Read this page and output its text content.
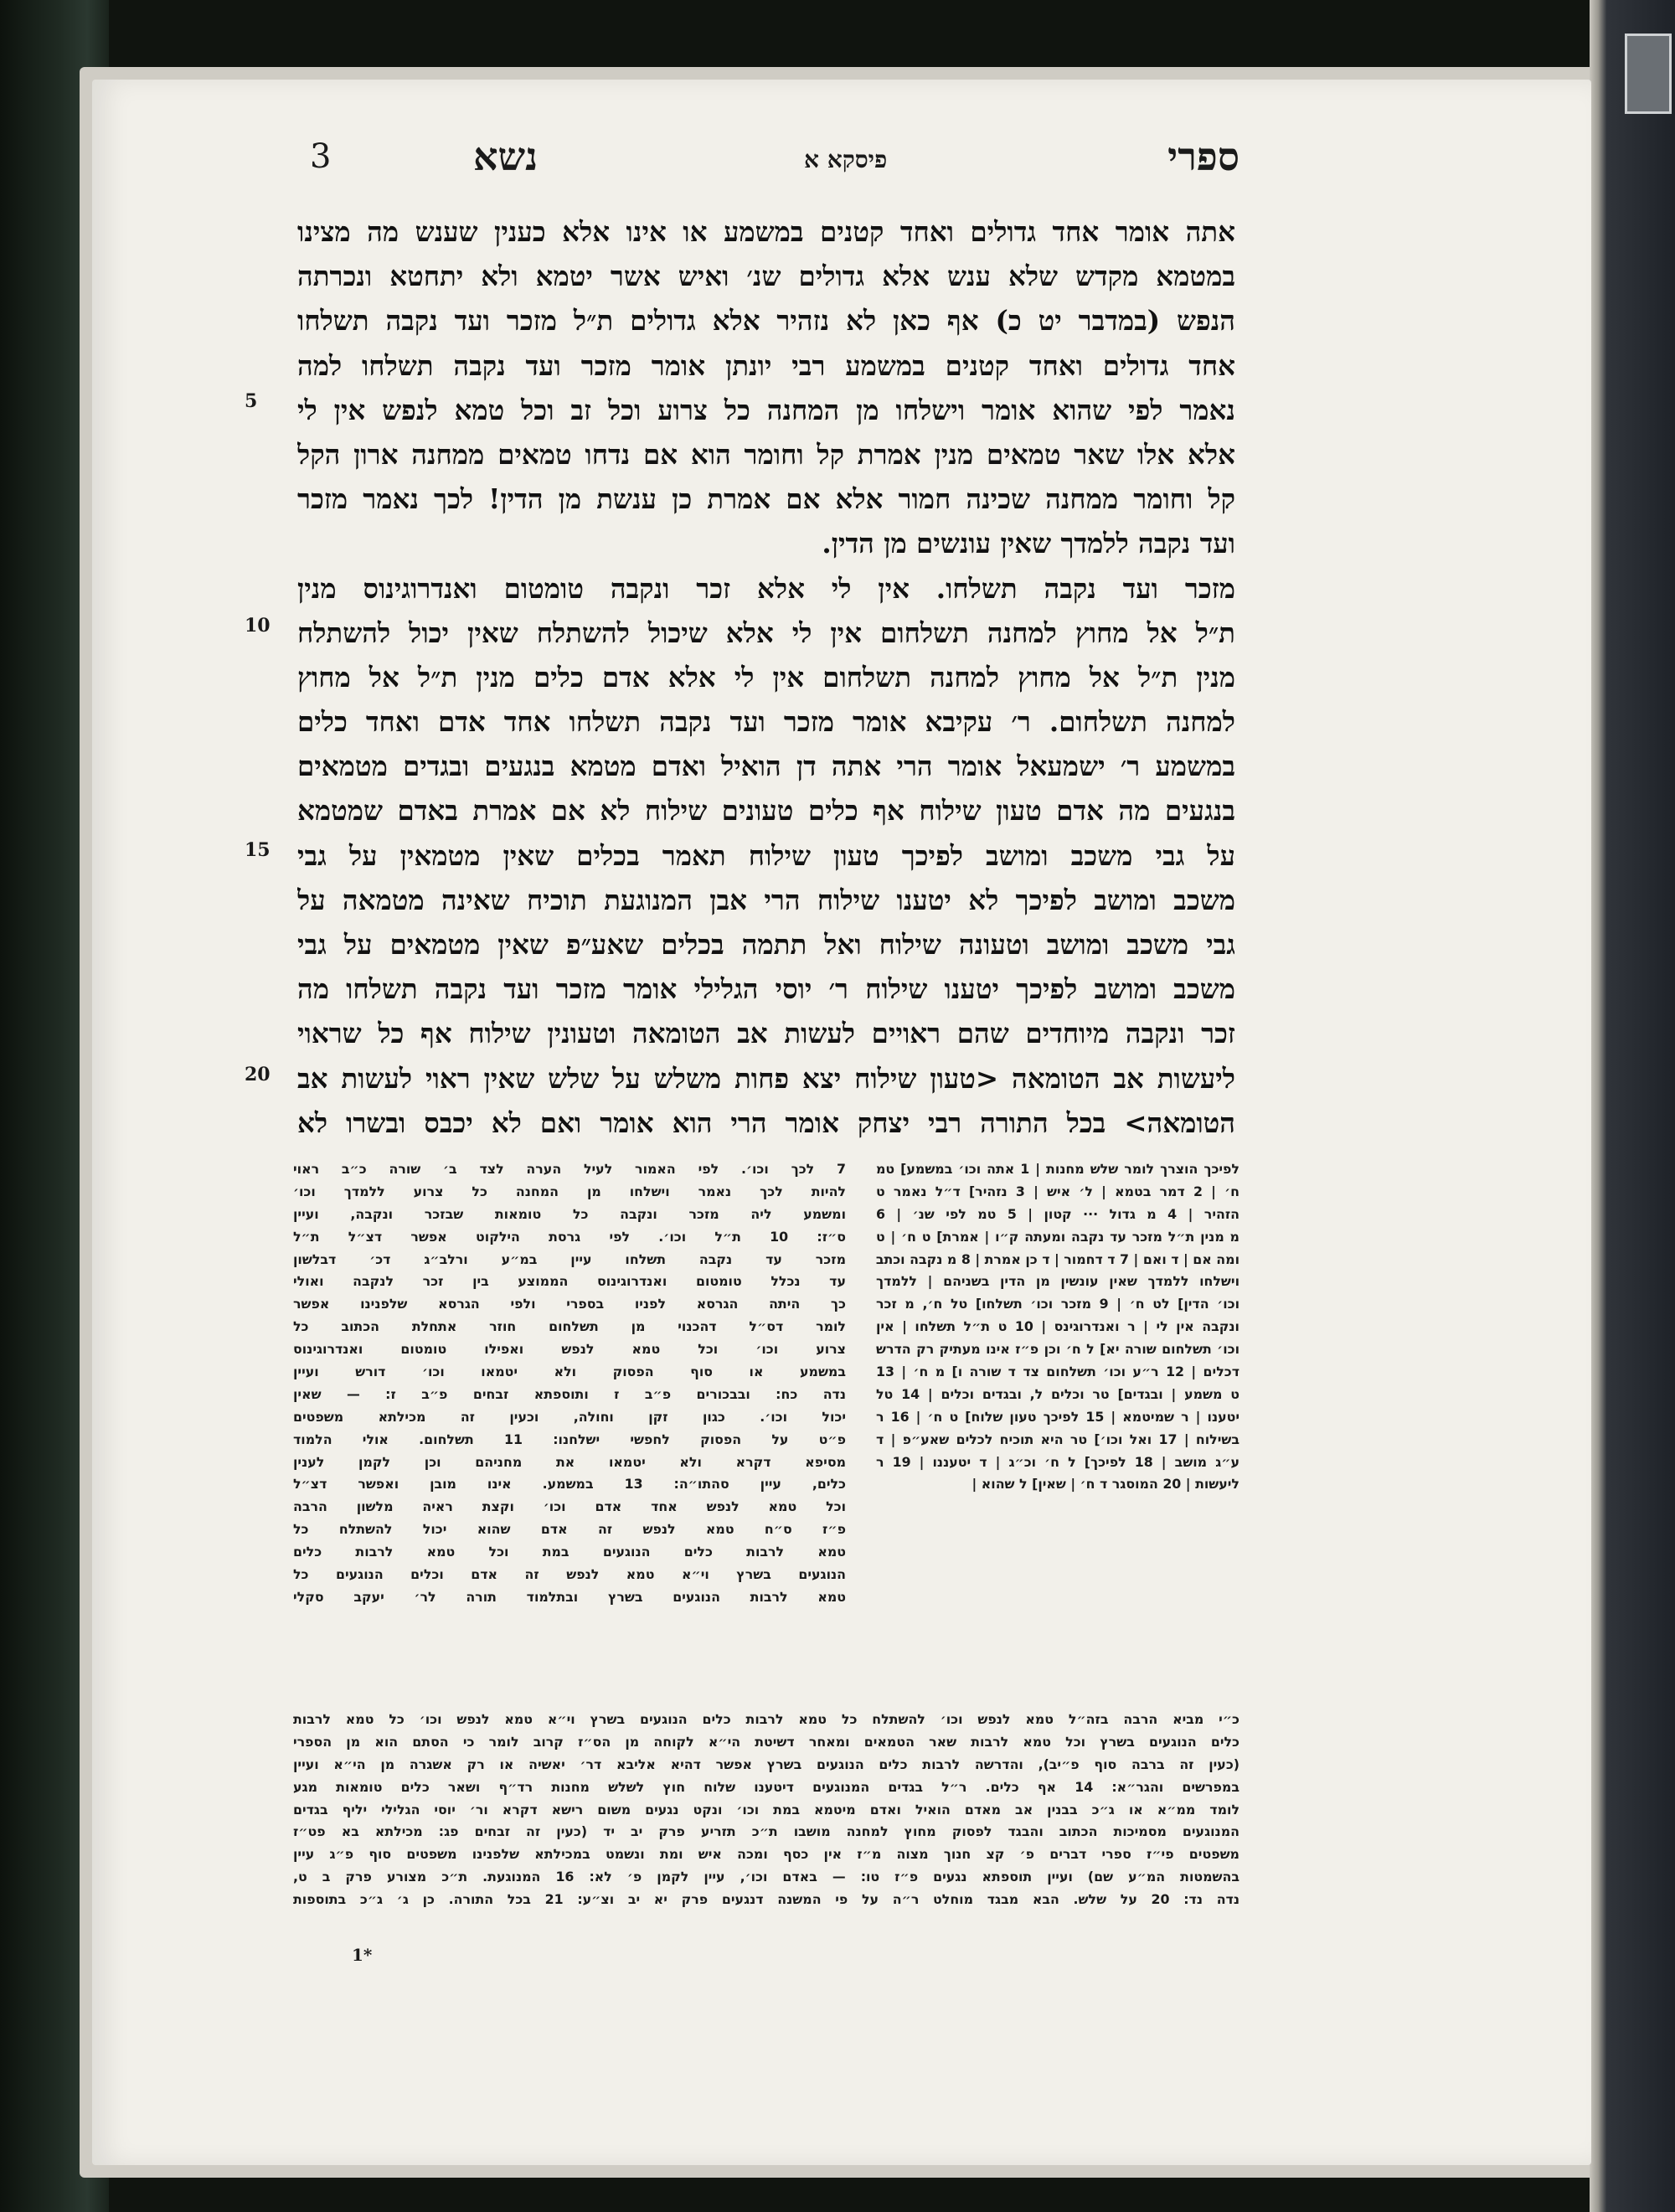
3	נשא	פיסקא א	ספרי
5
10
15
20
אתה אומר אחד גדולים ואחד קטנים במשמע או אינו אלא כענין שענש מה מצינו
במטמא מקדש שלא ענש אלא גדולים שנ׳ ואיש אשר יטמא ולא יתחטא ונכרתה
הנפש (במדבר יט כ) אף כאן לא נזהיר אלא גדולים ת״ל מזכר ועד נקבה תשלחו
אחד גדולים ואחד קטנים במשמע רבי יונתן אומר מזכר ועד נקבה תשלחו למה
נאמר לפי שהוא אומר וישלחו מן המחנה כל צרוע וכל זב וכל טמא לנפש אין לי
אלא אלו שאר טמאים מנין אמרת קל וחומר הוא אם נדחו טמאים ממחנה ארון הקל
קל וחומר ממחנה שכינה חמור אלא אם אמרת כן ענשת מן הדין! לכך נאמר מזכר
ועד נקבה ללמדך שאין עונשים מן הדין.
מזכר ועד נקבה תשלחו. אין לי אלא זכר ונקבה טומטום ואנדרוגינוס מנין
ת״ל אל מחוץ למחנה תשלחום אין לי אלא שיכול להשתלח שאין יכול להשתלח
מנין ת״ל אל מחוץ למחנה תשלחום אין לי אלא אדם כלים מנין ת״ל אל מחוץ
למחנה תשלחום. ר׳ עקיבא אומר מזכר ועד נקבה תשלחו אחד אדם ואחד כלים
במשמע ר׳ ישמעאל אומר הרי אתה דן הואיל ואדם מטמא בנגעים ובגדים מטמאים
בנגעים מה אדם טעון שילוח אף כלים טעונים שילוח לא אם אמרת באדם שמטמא
על גבי משכב ומושב לפיכך טעון שילוח תאמר בכלים שאין מטמאין על גבי
משכב ומושב לפיכך לא יטענו שילוח הרי אבן המנוגעת תוכיח שאינה מטמאה על
גבי משכב ומושב וטעונה שילוח ואל תתמה בכלים שאע״פ שאין מטמאים על גבי
משכב ומושב לפיכך יטענו שילוח ר׳ יוסי הגלילי אומר מזכר ועד נקבה תשלחו מה
זכר ונקבה מיוחדים שהם ראויים לעשות אב הטומאה וטעונין שילוח אף כל שראוי
ליעשות אב הטומאה <טעון שילוח יצא פחות משלש על שלש שאין ראוי לעשות אב
הטומאה> בכל התורה רבי יצחק אומר הרי הוא אומר ואם לא יכבס ובשרו לא
לפיכך הוצרך לומר שלש מחנות | 1 אתה וכו׳ במשמע] טמ
ח׳ | 2 דמר בטמא | ל׳ איש | 3 נזהיר] ד״ל נאמר ט
הזהיר | 4 מ גדול ··· קטון | 5 טמ לפי שנ׳ | 6
מ מנין ת״ל מזכר עד נקבה ומעתה ק״ו | אמרת] ט ח׳ | ט
ומה אם | ד ואם | 7 ד דחמור | ד כן אמרת | 8 מ נקבה וכתב
וישלחו ללמדך שאין עונשין מן הדין בשניהם | ללמדך
וכו׳ הדין] לט ח׳ | 9 מזכר וכו׳ תשלחו] טל ח׳, מ זכר
ונקבה אין לי | ר ואנדרוגינס | 10 ט ת״ל תשלחו | אין
וכו׳ תשלחום שורה יא] ל ח׳ וכן פ״ז אינו מעתיק רק הדרש
דכלים | 12 ר״ע וכו׳ תשלחום צד ד שורה ו] מ ח׳ | 13
ט משמע | ובגדים] טר וכלים ל, ובגדים וכלים | 14 טל
יטענו | ר שמיטמא | 15 לפיכך טעון שלוח] ט ח׳ | 16 ר
בשילוח | 17 ואל וכו׳] טר היא תוכיח לכלים שאע״פ | ד
ע״ג מושב | 18 לפיכך] ל ח׳ וכ״ג | ד יטעננו | 19 ר
ליעשות | 20 המוסגר ד ח׳ | שאין] ל שהוא |
7 לכך וכו׳. לפי האמור לעיל הערה לצד ב׳ שורה כ״ב ראוי
להיות לכך נאמר וישלחו מן המחנה כל צרוע ללמדך וכו׳
ומשמע ליה מזכר ונקבה כל טומאות שבזכר ונקבה, ועיין
ס״ז: 10 ת״ל וכו׳. לפי גרסת הילקוט אפשר דצ״ל ת״ל
מזכר עד נקבה תשלחו עיין במ״ע ורלב״ג דכ׳ דבלשון
עד נכלל טומטום ואנדרוגינוס הממוצע בין זכר לנקבה ואולי
כך היתה הגרסא לפניו בספרי ולפי הגרסא שלפנינו אפשר
לומר דס״ל דהכנוי מן תשלחום חוזר אתחלת הכתוב כל
צרוע וכו׳ וכל טמא לנפש ואפילו טומטום ואנדרוגינוס
במשמע או סוף הפסוק ולא יטמאו וכו׳ דורש ועיין
נדה כח: ובבכורים פ״ב ז ותוספתא זבחים פ״ב ז: — שאין
יכול וכו׳. כגון זקן וחולה, וכעין זה מכילתא משפטים
פ״ט על הפסוק לחפשי ישלחנו: 11 תשלחום. אולי הלמוד
מסיפא דקרא ולא יטמאו את מחניהם וכן לקמן לענין
כלים, עיין סהתו״ה: 13 במשמע. אינו מובן ואפשר דצ״ל
וכל טמא לנפש אחד אדם וכו׳ וקצת ראיה מלשון הרבה
פ״ז ס״ח טמא לנפש זה אדם שהוא יכול להשתלח כל
טמא לרבות כלים הנוגעים במת וכל טמא לרבות כלים
הנוגעים בשרץ וי״א טמא לנפש זה אדם וכלים הנוגעים כל
טמא לרבות הנוגעים בשרץ ובתלמוד תורה לר׳ יעקב סקלי
כ״י מביא הרבה בזה״ל טמא לנפש וכו׳ להשתלח כל טמא לרבות כלים הנוגעים בשרץ וי״א טמא לנפש וכו׳ כל טמא לרבות
כלים הנוגעים בשרץ וכל טמא לרבות שאר הטמאים ומאחר דשיטת הי״א לקוחה מן הס״ז קרוב לומר כי הסתם הוא מן הספרי
(כעין זה ברבה סוף פ״יב), והדרשה לרבות כלים הנוגעים בשרץ אפשר דהיא אליבא דר׳ יאשיה או רק אשגרה מן הי״א ועיין
במפרשים והגר״א: 14 אף כלים. ר״ל בגדים המנוגעים דיטענו שלוח חוץ לשלש מחנות רד״ף ושאר כלים טומאות מגע
לומד ממ״א או ג״כ בבנין אב מאדם הואיל ואדם מיטמא במת וכו׳ ונקט נגעים משום רישא דקרא ור׳ יוסי הגלילי יליף בגדים
המנוגעים מסמיכות הכתוב והבגד לפסוק מחוץ למחנה מושבו ת״כ תזריע פרק יב יד (כעין זה זבחים פג: מכילתא בא פט״ז
משפטים פי״ז ספרי דברים פ׳ קצ חנוך מצוה מ״ז אין כסף ומכה איש ומת ונשמט במכילתא שלפנינו משפטים סוף פ״ג עיין
בהשמטות המ״ע שם) ועיין תוספתא נגעים פ״ז טו: — באדם וכו׳, עיין לקמן פ׳ לא: 16 המנוגעת. ת״כ מצורע פרק ב ט,
נדה נד: 20 על שלש. הבא מבגד מוחלט ר״ה על פי המשנה דנגעים פרק יא יב וצ״ע: 21 בכל התורה. כן ג׳ ג״כ בתוספות
1*
